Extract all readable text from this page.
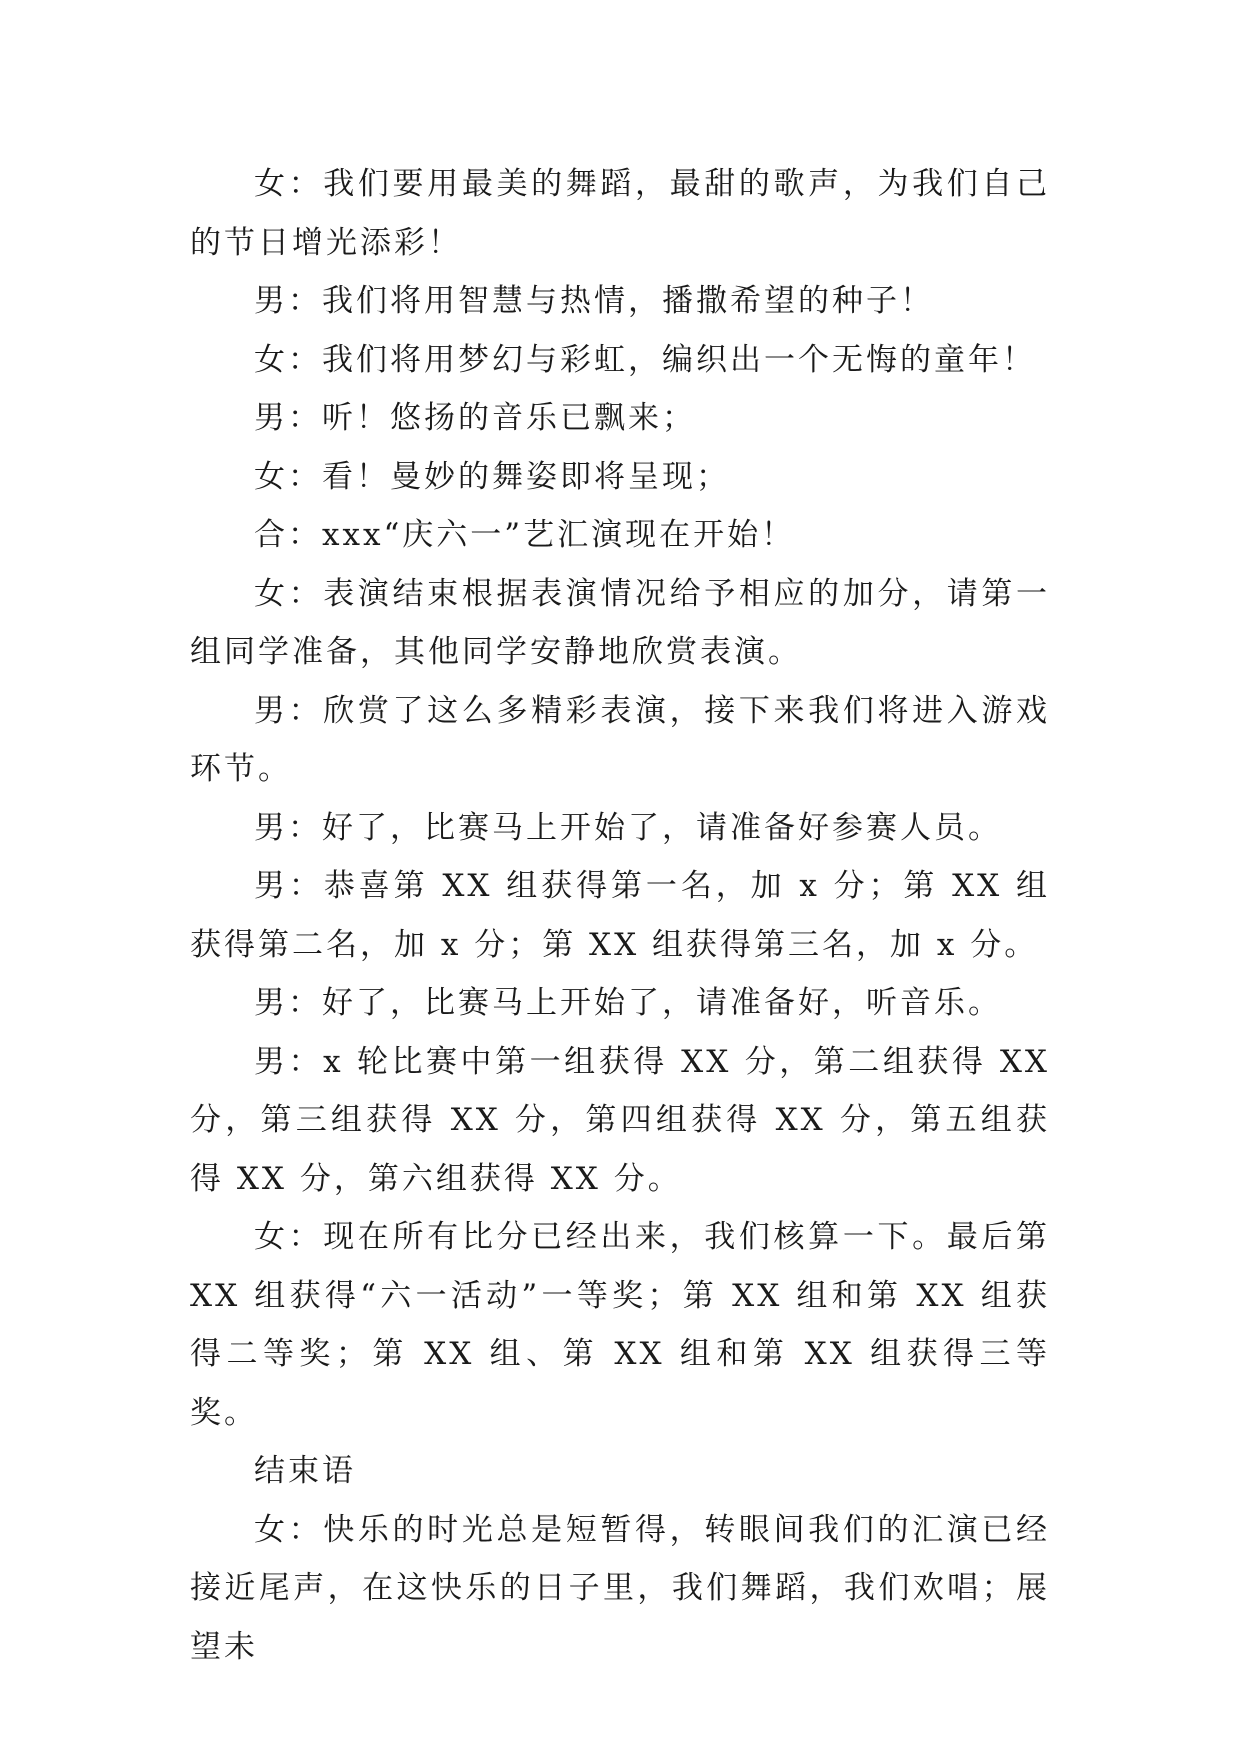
女：我们要用最美的舞蹈，最甜的歌声，为我们自己的节日增光添彩！

男：我们将用智慧与热情，播撒希望的种子！

女：我们将用梦幻与彩虹，编织出一个无悔的童年！

男：听！悠扬的音乐已飘来；

女：看！曼妙的舞姿即将呈现；

合：xxx“庆六一”艺汇演现在开始！

女：表演结束根据表演情况给予相应的加分，请第一组同学准备，其他同学安静地欣赏表演。

男：欣赏了这么多精彩表演，接下来我们将进入游戏环节。

男：好了，比赛马上开始了，请准备好参赛人员。

男：恭喜第 XX 组获得第一名，加 x 分；第 XX 组获得第二名，加 x 分；第 XX 组获得第三名，加 x 分。

男：好了，比赛马上开始了，请准备好，听音乐。

男：x 轮比赛中第一组获得 XX 分，第二组获得 XX 分，第三组获得 XX 分，第四组获得 XX 分，第五组获得 XX 分，第六组获得 XX 分。

女：现在所有比分已经出来，我们核算一下。最后第 XX 组获得“六一活动”一等奖；第 XX 组和第 XX 组获得二等奖；第 XX 组、第 XX 组和第 XX 组获得三等奖。

结束语

女：快乐的时光总是短暂得，转眼间我们的汇演已经接近尾声，在这快乐的日子里，我们舞蹈，我们欢唱；展望未
